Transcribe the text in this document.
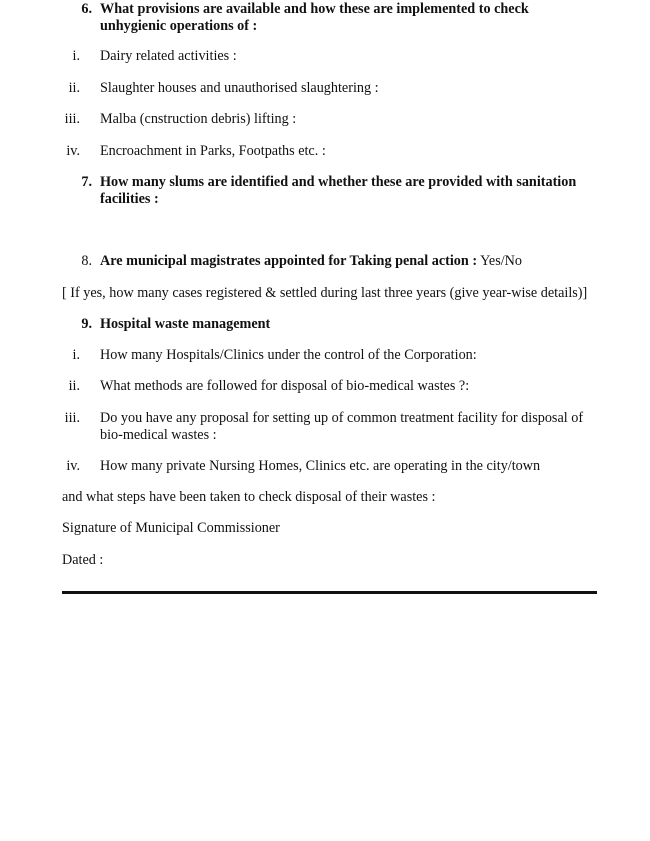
6. What provisions are available and how these are implemented to check unhygienic operations of :
i. Dairy related activities :
ii. Slaughter houses and unauthorised slaughtering :
iii. Malba (cnstruction debris) lifting :
iv. Encroachment in Parks, Footpaths etc. :
7. How many slums are identified and whether these are provided with sanitation facilities :
8. Are municipal magistrates appointed for Taking penal action : Yes/No
[ If yes, how many cases registered & settled during last three years (give year-wise details)]
9. Hospital waste management
i. How many Hospitals/Clinics under the control of the Corporation:
ii. What methods are followed for disposal of bio-medical wastes ?:
iii. Do you have any proposal for setting up of common treatment facility for disposal of bio-medical wastes :
iv. How many private Nursing Homes, Clinics etc. are operating in the city/town
and what steps have been taken to check disposal of their wastes :
Signature of Municipal Commissioner
Dated :
